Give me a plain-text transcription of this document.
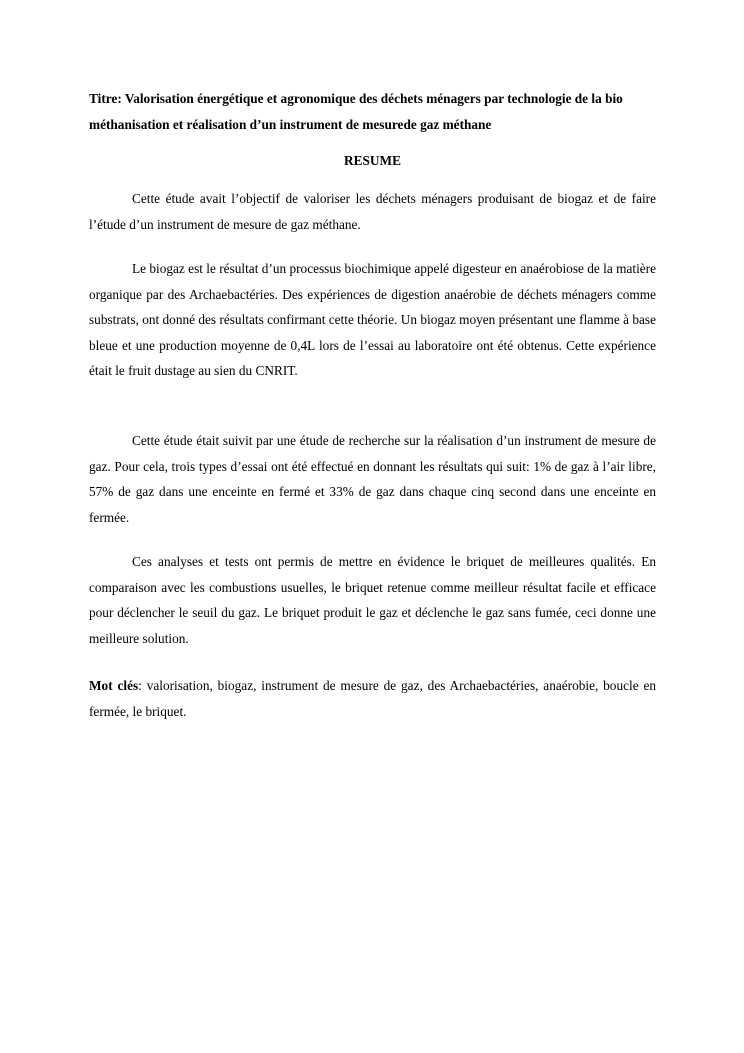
Titre: Valorisation énergétique et agronomique des déchets ménagers par technologie de la bio méthanisation et réalisation d’un instrument de mesurede gaz méthane

RESUME

Cette étude avait l’objectif de valoriser les déchets ménagers produisant de biogaz et de faire l’étude d’un instrument de mesure de gaz méthane.

Le biogaz est le résultat d’un processus biochimique appelé digesteur en anaérobiose de la matière organique par des Archaebactéries. Des expériences de digestion anaérobie de déchets ménagers comme substrats, ont donné des résultats confirmant cette théorie. Un biogaz moyen présentant une flamme à base bleue et une production moyenne de 0,4L lors de l’essai au laboratoire ont été obtenus. Cette expérience était le fruit dustage au sien du CNRIT.

Cette étude était suivit par une étude de recherche sur la réalisation d’un instrument de mesure de gaz. Pour cela, trois types d’essai ont été effectué en donnant les résultats qui suit: 1% de gaz à l’air libre, 57% de gaz dans une enceinte en fermé et 33% de gaz dans chaque cinq second dans une enceinte en fermée.

Ces analyses et tests ont permis de mettre en évidence le briquet de meilleures qualités. En comparaison avec les combustions usuelles, le briquet retenue comme meilleur résultat facile et efficace pour déclencher le seuil du gaz. Le briquet produit le gaz et déclenche le gaz sans fumée, ceci donne une meilleure solution.

Mot clés: valorisation, biogaz, instrument de mesure de gaz, des Archaebactéries, anaérobie, boucle en fermée, le briquet.
